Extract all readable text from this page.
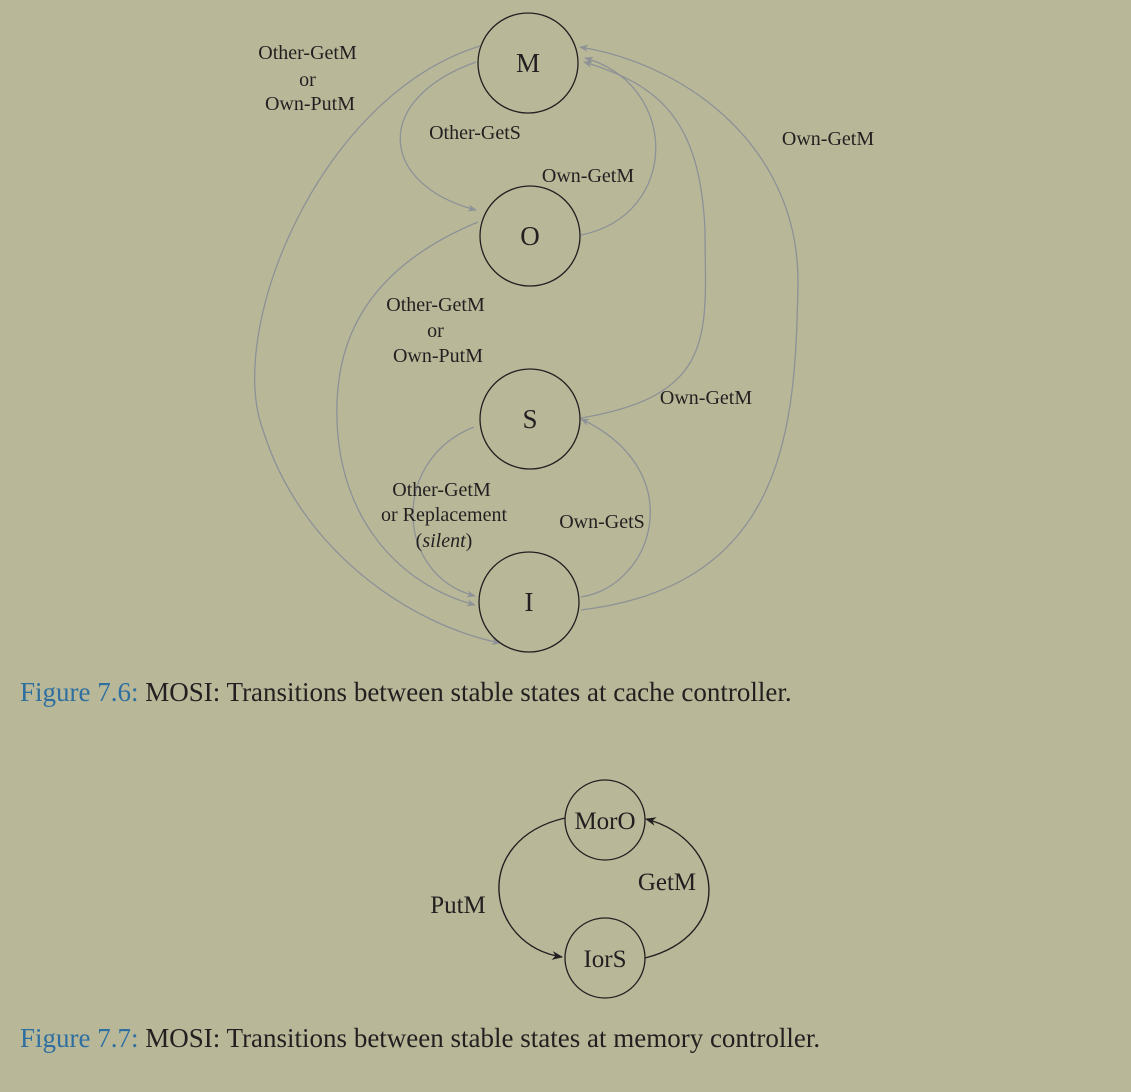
M
O
S
I
Other-GetM or Own-PutM
Other-GetS
Own-GetM
Own-GetM
Other-GetM or Own-PutM
Own-GetM
Other-GetM or Replacement
(silent)
Own-GetS
MorO
IorS
PutM
GetM
Figure 7.6: MOSI: Transitions between stable states at cache controller.
Figure 7.7: MOSI: Transitions between stable states at memory controller.
